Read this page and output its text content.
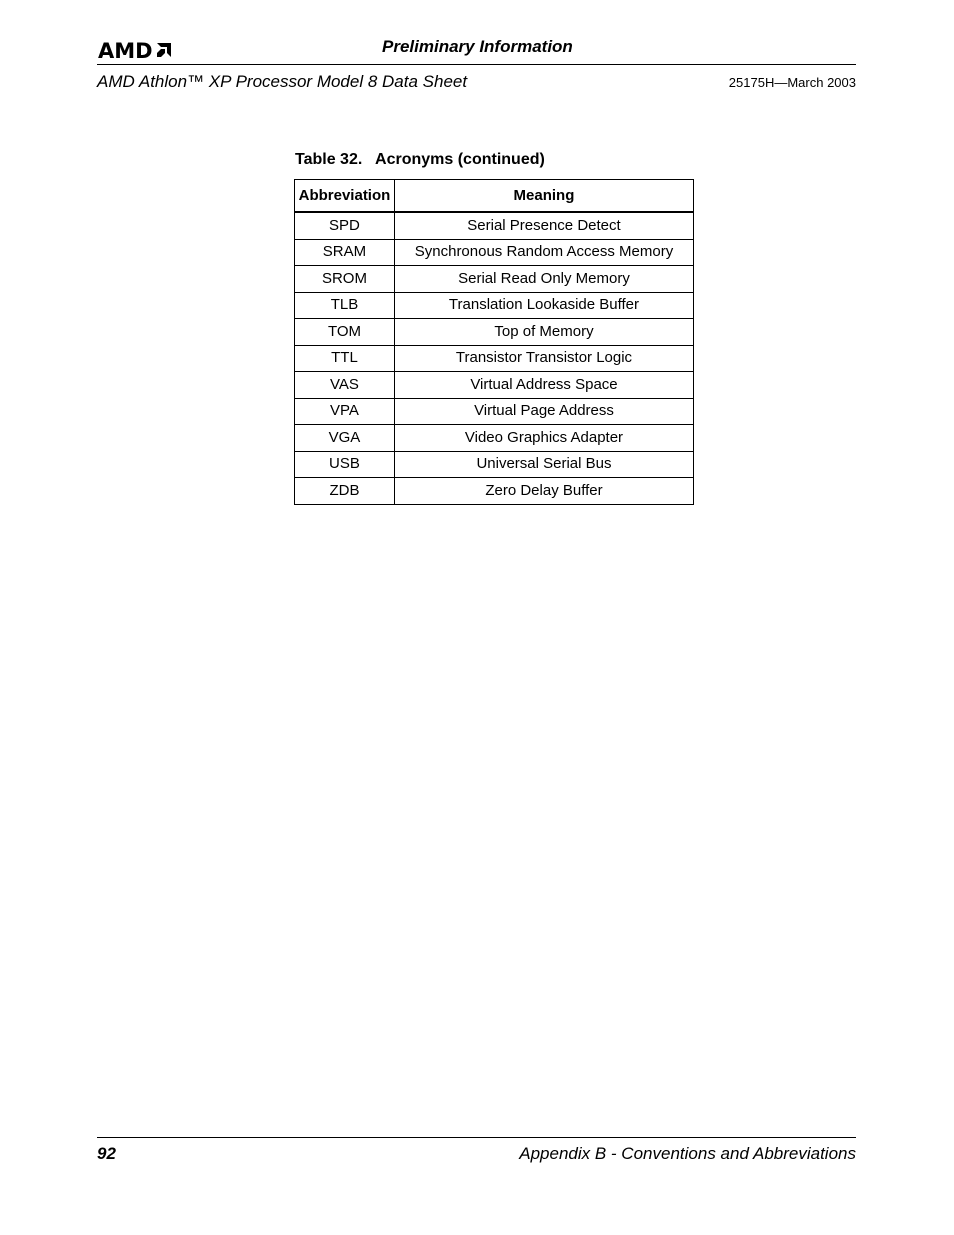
AMD	Preliminary Information
AMD Athlon™ XP Processor Model 8 Data Sheet	25175H—March 2003
Table 32.   Acronyms (continued)
Abbreviation	Meaning
SPD	Serial Presence Detect
SRAM	Synchronous Random Access Memory
SROM	Serial Read Only Memory
TLB	Translation Lookaside Buffer
TOM	Top of Memory
TTL	Transistor Transistor Logic
VAS	Virtual Address Space
VPA	Virtual Page Address
VGA	Video Graphics Adapter
USB	Universal Serial Bus
ZDB	Zero Delay Buffer
92	Appendix B - Conventions and Abbreviations
